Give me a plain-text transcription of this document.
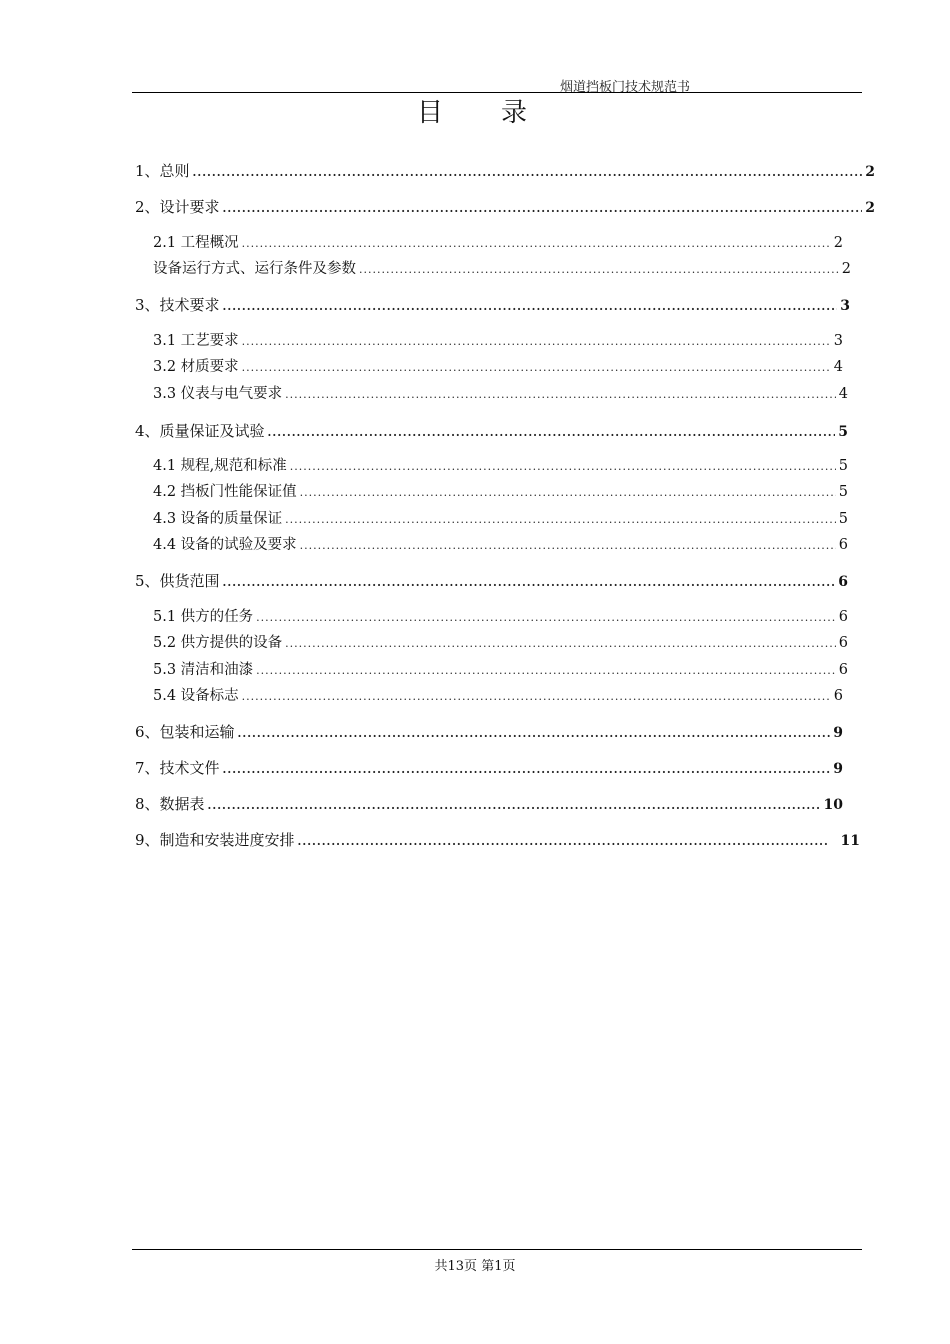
烟道挡板门技术规范书
目录
1、总则 .....	2
2、设计要求 .....	2
2.1 工程概况 .....	2
设备运行方式、运行条件及参数 .....	2
3、技术要求 .....	3
3.1 工艺要求 .....	3
3.2 材质要求 .....	4
3.3 仪表与电气要求 .....	4
4、质量保证及试验 .....	5
4.1 规程,规范和标准 .....	5
4.2 挡板门性能保证值 .....	5
4.3 设备的质量保证 .....	5
4.4 设备的试验及要求 .....	6
5、供货范围 .....	6
5.1 供方的任务 .....	6
5.2 供方提供的设备 .....	6
5.3 清洁和油漆 .....	6
5.4 设备标志 .....	6
6、包装和运输 .....	9
7、技术文件 .....	9
8、数据表 .....	10
9、制造和安装进度安排 .....	11
共13页 第1页
